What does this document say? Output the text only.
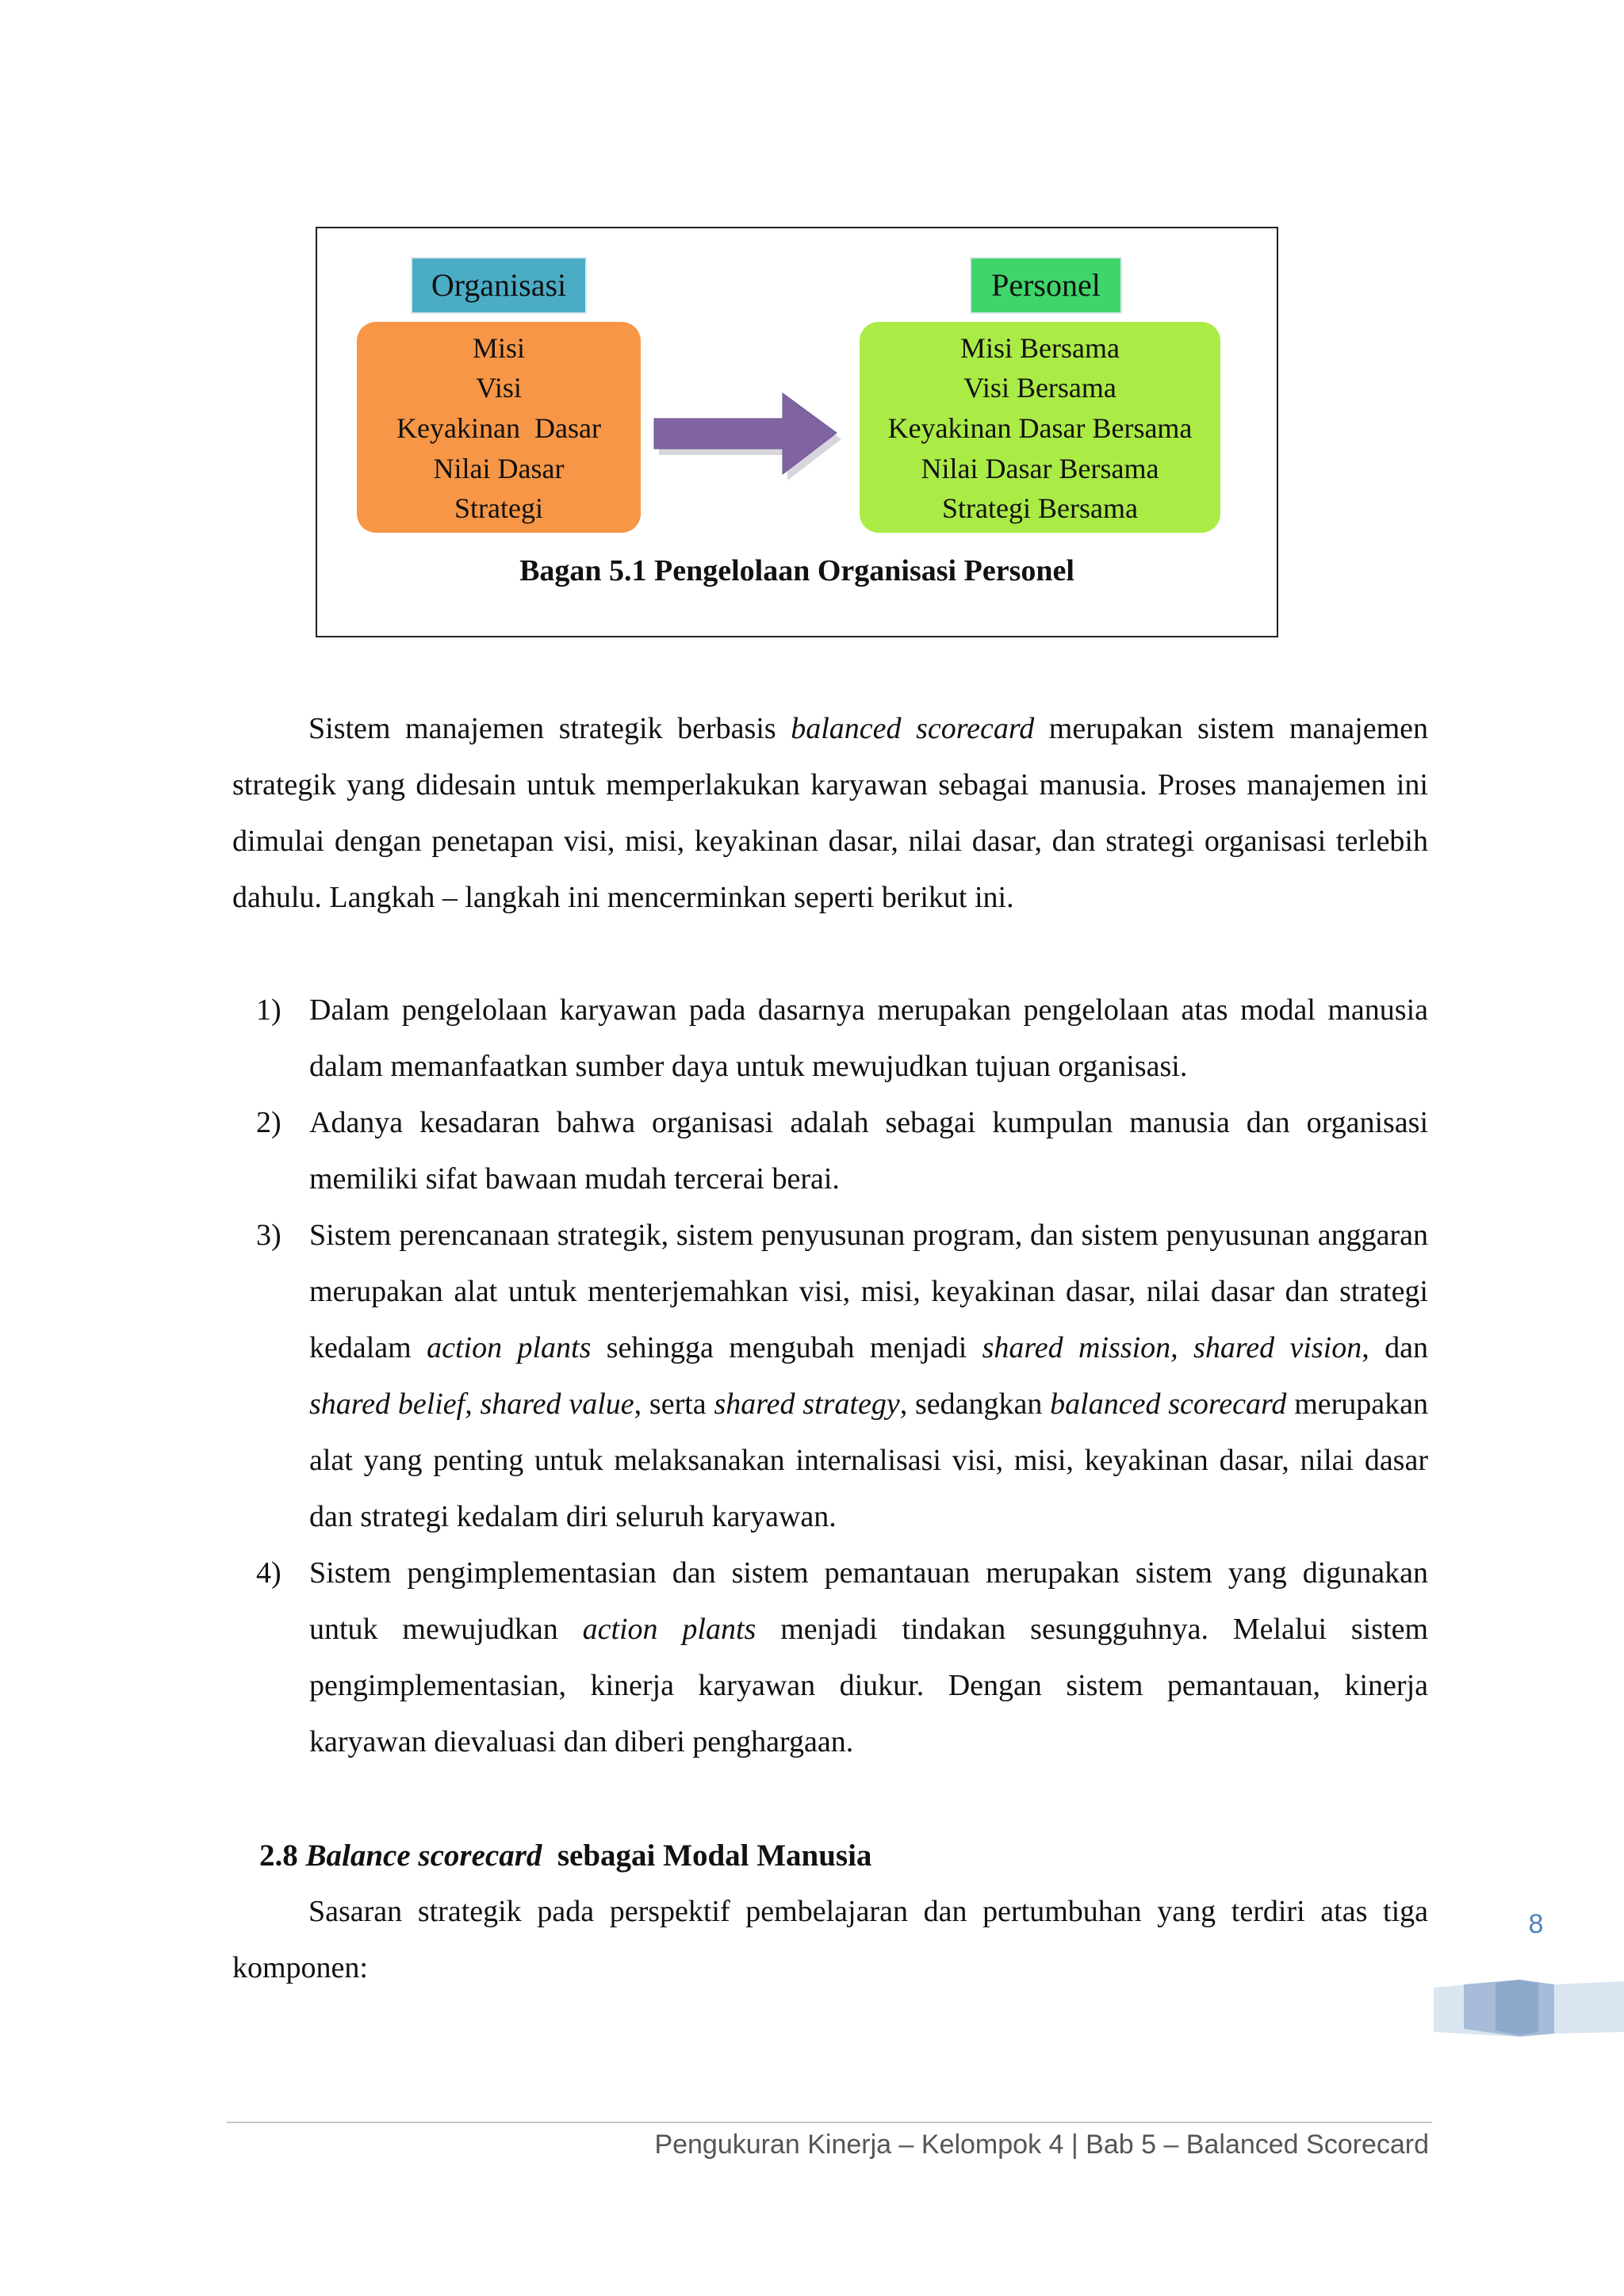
Organisasi	Personel
Misi
Visi
Keyakinan  Dasar
Nilai Dasar
Strategi
Misi Bersama
Visi Bersama
Keyakinan Dasar Bersama
Nilai Dasar Bersama
Strategi Bersama
Bagan 5.1 Pengelolaan Organisasi Personel

Sistem manajemen strategik berbasis balanced scorecard merupakan sistem manajemen strategik yang didesain untuk memperlakukan karyawan sebagai manusia. Proses manajemen ini dimulai dengan penetapan visi, misi, keyakinan dasar, nilai dasar, dan strategi organisasi terlebih dahulu. Langkah – langkah ini mencerminkan seperti berikut ini.

1) Dalam pengelolaan karyawan pada dasarnya merupakan pengelolaan atas modal manusia dalam memanfaatkan sumber daya untuk mewujudkan tujuan organisasi.
2) Adanya kesadaran bahwa organisasi adalah sebagai kumpulan manusia dan organisasi memiliki sifat bawaan mudah tercerai berai.
3) Sistem perencanaan strategik, sistem penyusunan program, dan sistem penyusunan anggaran merupakan alat untuk menterjemahkan visi, misi, keyakinan dasar, nilai dasar dan strategi kedalam action plants sehingga mengubah menjadi shared mission, shared vision, dan shared belief, shared value, serta shared strategy, sedangkan balanced scorecard merupakan alat yang penting untuk melaksanakan internalisasi visi, misi, keyakinan dasar, nilai dasar dan strategi kedalam diri seluruh karyawan.
4) Sistem pengimplementasian dan sistem pemantauan merupakan sistem yang digunakan untuk mewujudkan action plants menjadi tindakan sesungguhnya. Melalui sistem pengimplementasian, kinerja karyawan diukur. Dengan sistem pemantauan, kinerja karyawan dievaluasi dan diberi penghargaan.
2.8 Balance scorecard  sebagai Modal Manusia

Sasaran strategik pada perspektif pembelajaran dan pertumbuhan yang terdiri atas tiga komponen:

8
Pengukuran Kinerja – Kelompok 4 | Bab 5 – Balanced Scorecard
